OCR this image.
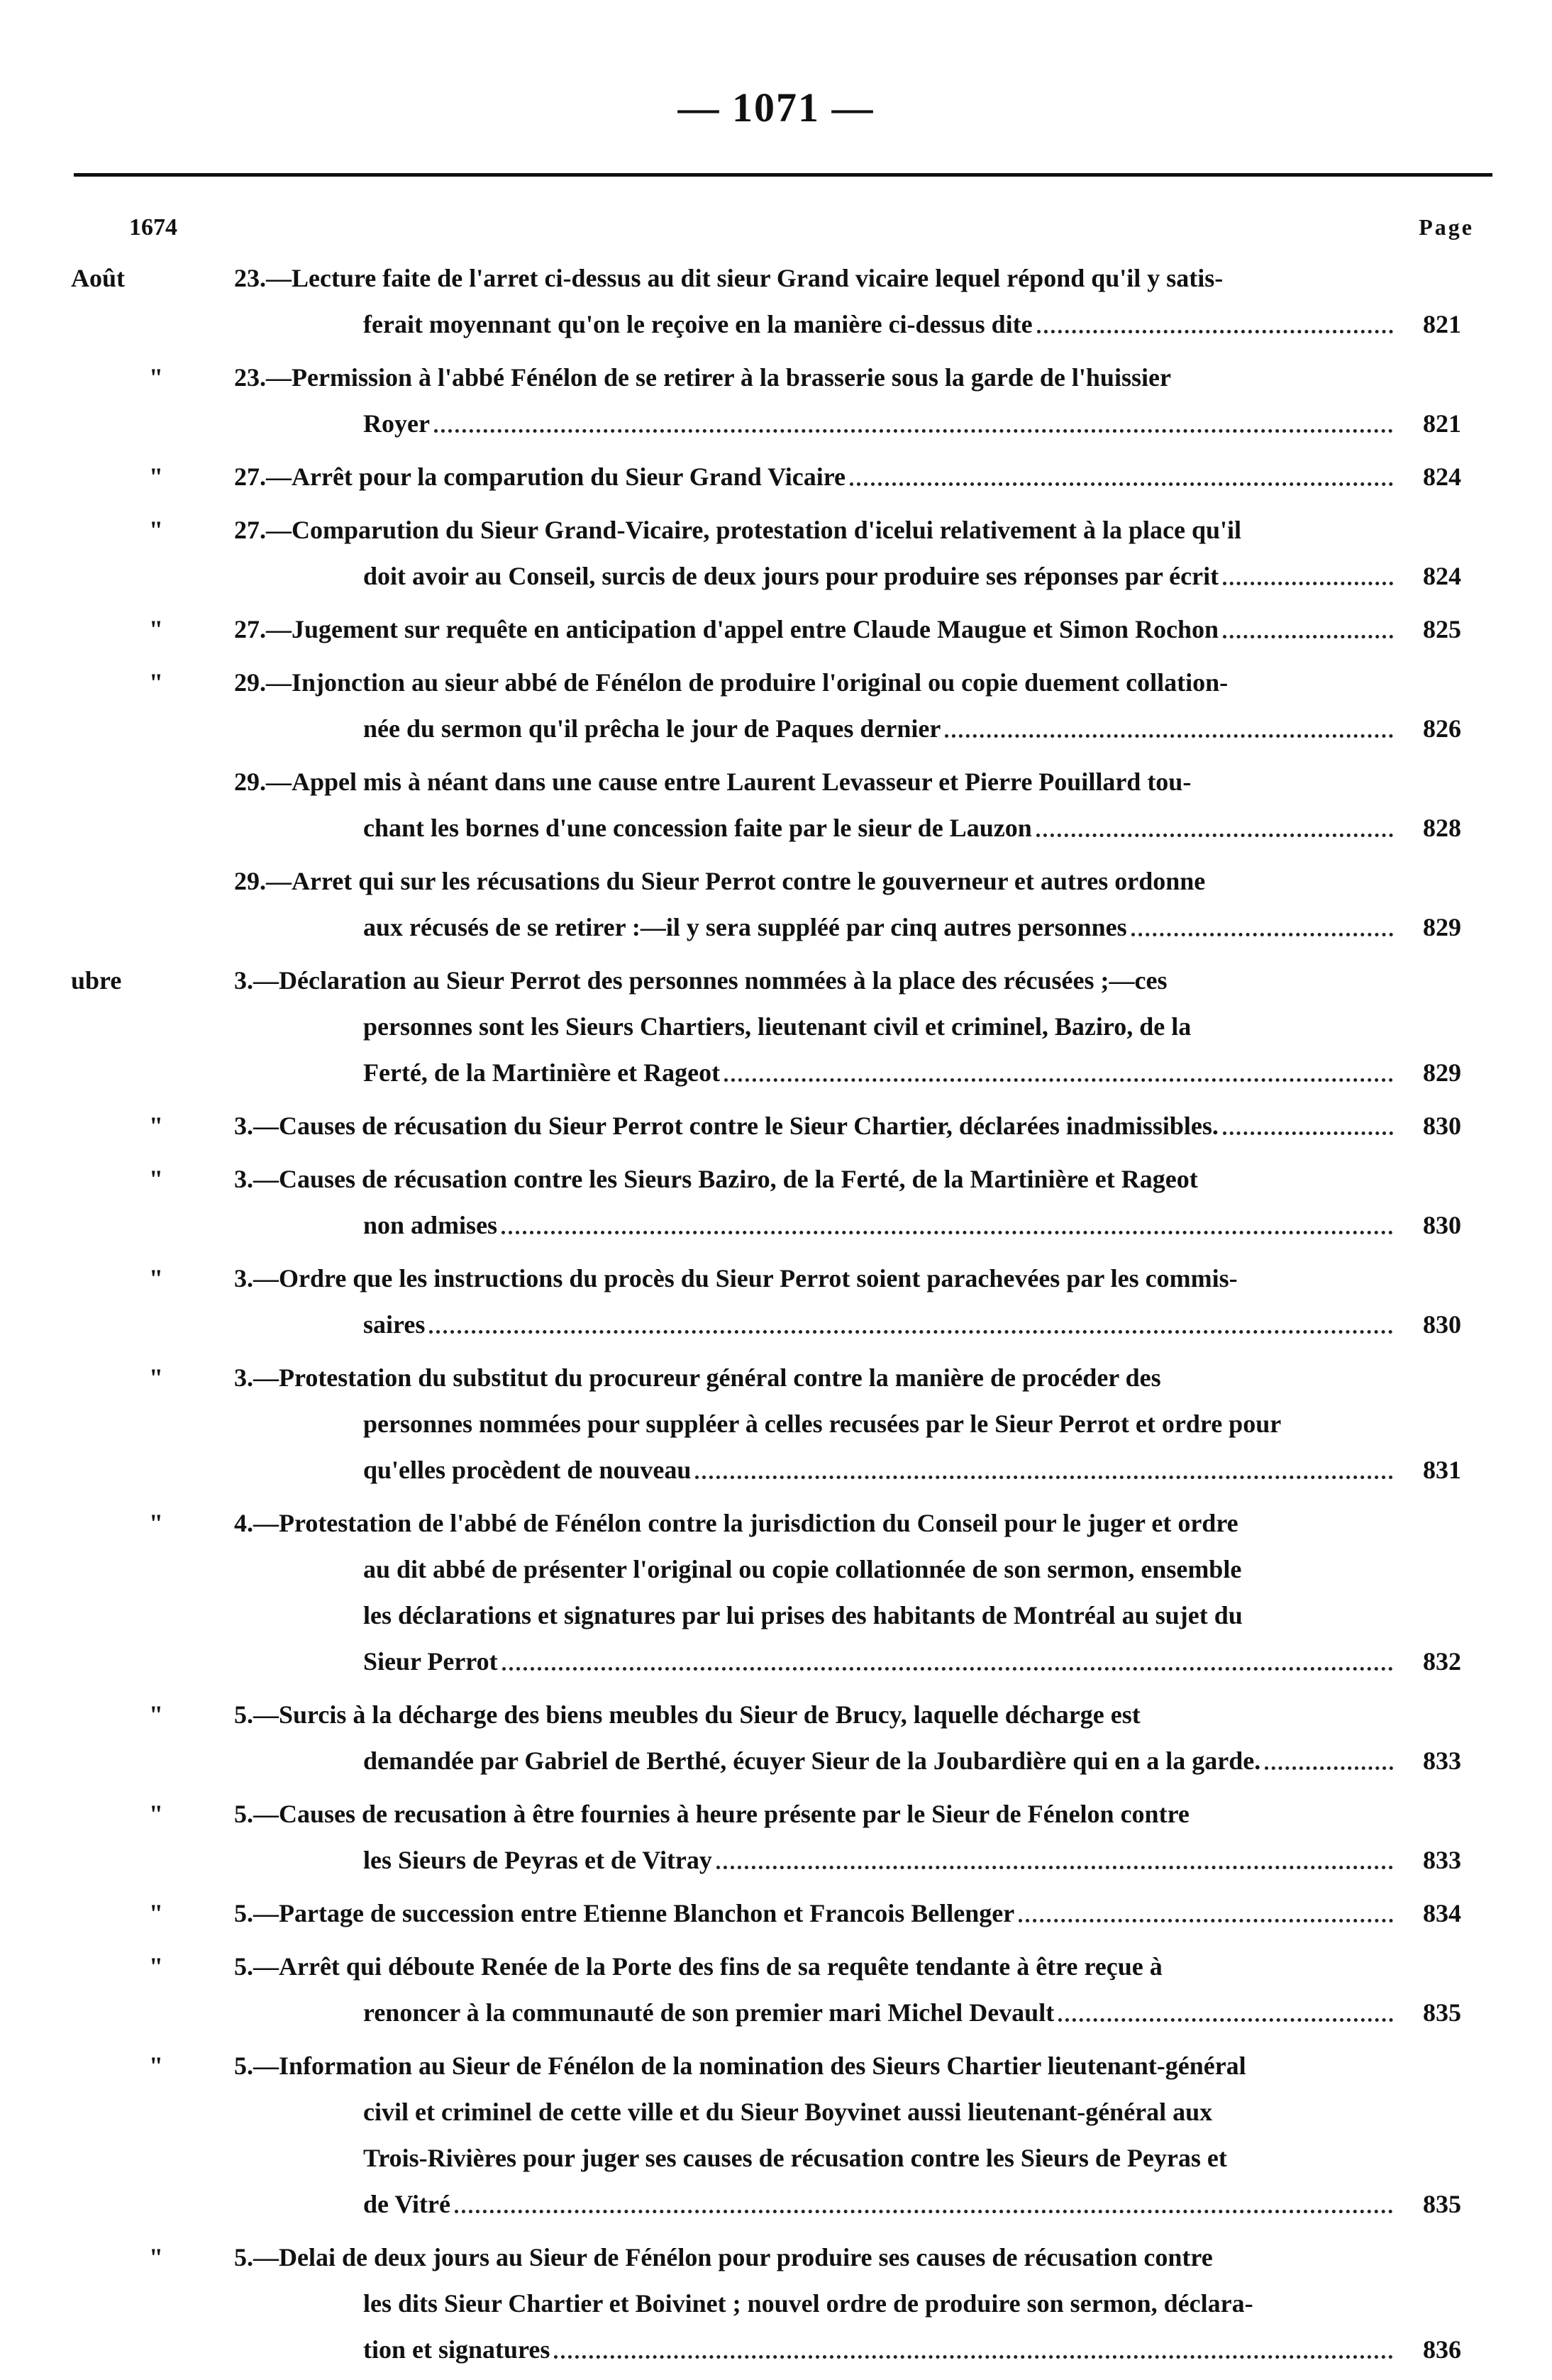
— 1071 —
1674	Page
Août	23. —Lecture faite de l'arret ci-dessus au dit sieur Grand vicaire lequel répond qu'il y satis-
ferait moyennant qu'on le reçoive en la manière ci-dessus dite	821
"	23. —Permission à l'abbé Fénélon de se retirer à la brasserie sous la garde de l'huissier
Royer	821
"	27. —Arrêt pour la comparution du Sieur Grand Vicaire	824
"	27. —Comparution du Sieur Grand-Vicaire, protestation d'icelui relativement à la place qu'il
doit avoir au Conseil, surcis de deux jours pour produire ses réponses par écrit	824
"	27. —Jugement sur requête en anticipation d'appel entre Claude Maugue et Simon Rochon	825
"	29. —Injonction au sieur abbé de Fénélon de produire l'original ou copie duement collation-
née du sermon qu'il prêcha le jour de Paques dernier	826
29. —Appel mis à néant dans une cause entre Laurent Levasseur et Pierre Pouillard tou-
chant les bornes d'une concession faite par le sieur de Lauzon	828
29. —Arret qui sur les récusations du Sieur Perrot contre le gouverneur et autres ordonne
aux récusés de se retirer :—il y sera suppléé par cinq autres personnes	829
ubre	3. —Déclaration au Sieur Perrot des personnes nommées à la place des récusées ;—ces
personnes sont les Sieurs Chartiers, lieutenant civil et criminel, Baziro, de la
Ferté, de la Martinière et Rageot	829
"	3. —Causes de récusation du Sieur Perrot contre le Sieur Chartier, déclarées inadmissibles.	830
"	3. —Causes de récusation contre les Sieurs Baziro, de la Ferté, de la Martinière et Rageot
non admises	830
"	3. —Ordre que les instructions du procès du Sieur Perrot soient parachevées par les commis-
saires	830
"	3. —Protestation du substitut du procureur général contre la manière de procéder des
personnes nommées pour suppléer à celles recusées par le Sieur Perrot et ordre pour
qu'elles procèdent de nouveau	831
"	4. —Protestation de l'abbé de Fénélon contre la jurisdiction du Conseil pour le juger et ordre
au dit abbé de présenter l'original ou copie collationnée de son sermon, ensemble
les déclarations et signatures par lui prises des habitants de Montréal au sujet du
Sieur Perrot	832
"	5. —Surcis à la décharge des biens meubles du Sieur de Brucy, laquelle décharge est
demandée par Gabriel de Berthé, écuyer Sieur de la Joubardière qui en a la garde.	833
"	5. —Causes de recusation à être fournies à heure présente par le Sieur de Fénelon contre
les Sieurs de Peyras et de Vitray	833
"	5. —Partage de succession entre Etienne Blanchon et Francois Bellenger	834
"	5. —Arrêt qui déboute Renée de la Porte des fins de sa requête tendante à être reçue à
renoncer à la communauté de son premier mari Michel Devault	835
"	5. —Information au Sieur de Fénélon de la nomination des Sieurs Chartier lieutenant-général
civil et criminel de cette ville et du Sieur Boyvinet aussi lieutenant-général aux
Trois-Rivières pour juger ses causes de récusation contre les Sieurs de Peyras et
de Vitré	835
"	5. —Delai de deux jours au Sieur de Fénélon pour produire ses causes de récusation contre
les dits Sieur Chartier et Boivinet ; nouvel ordre de produire son sermon, déclara-
tion et signatures	836
